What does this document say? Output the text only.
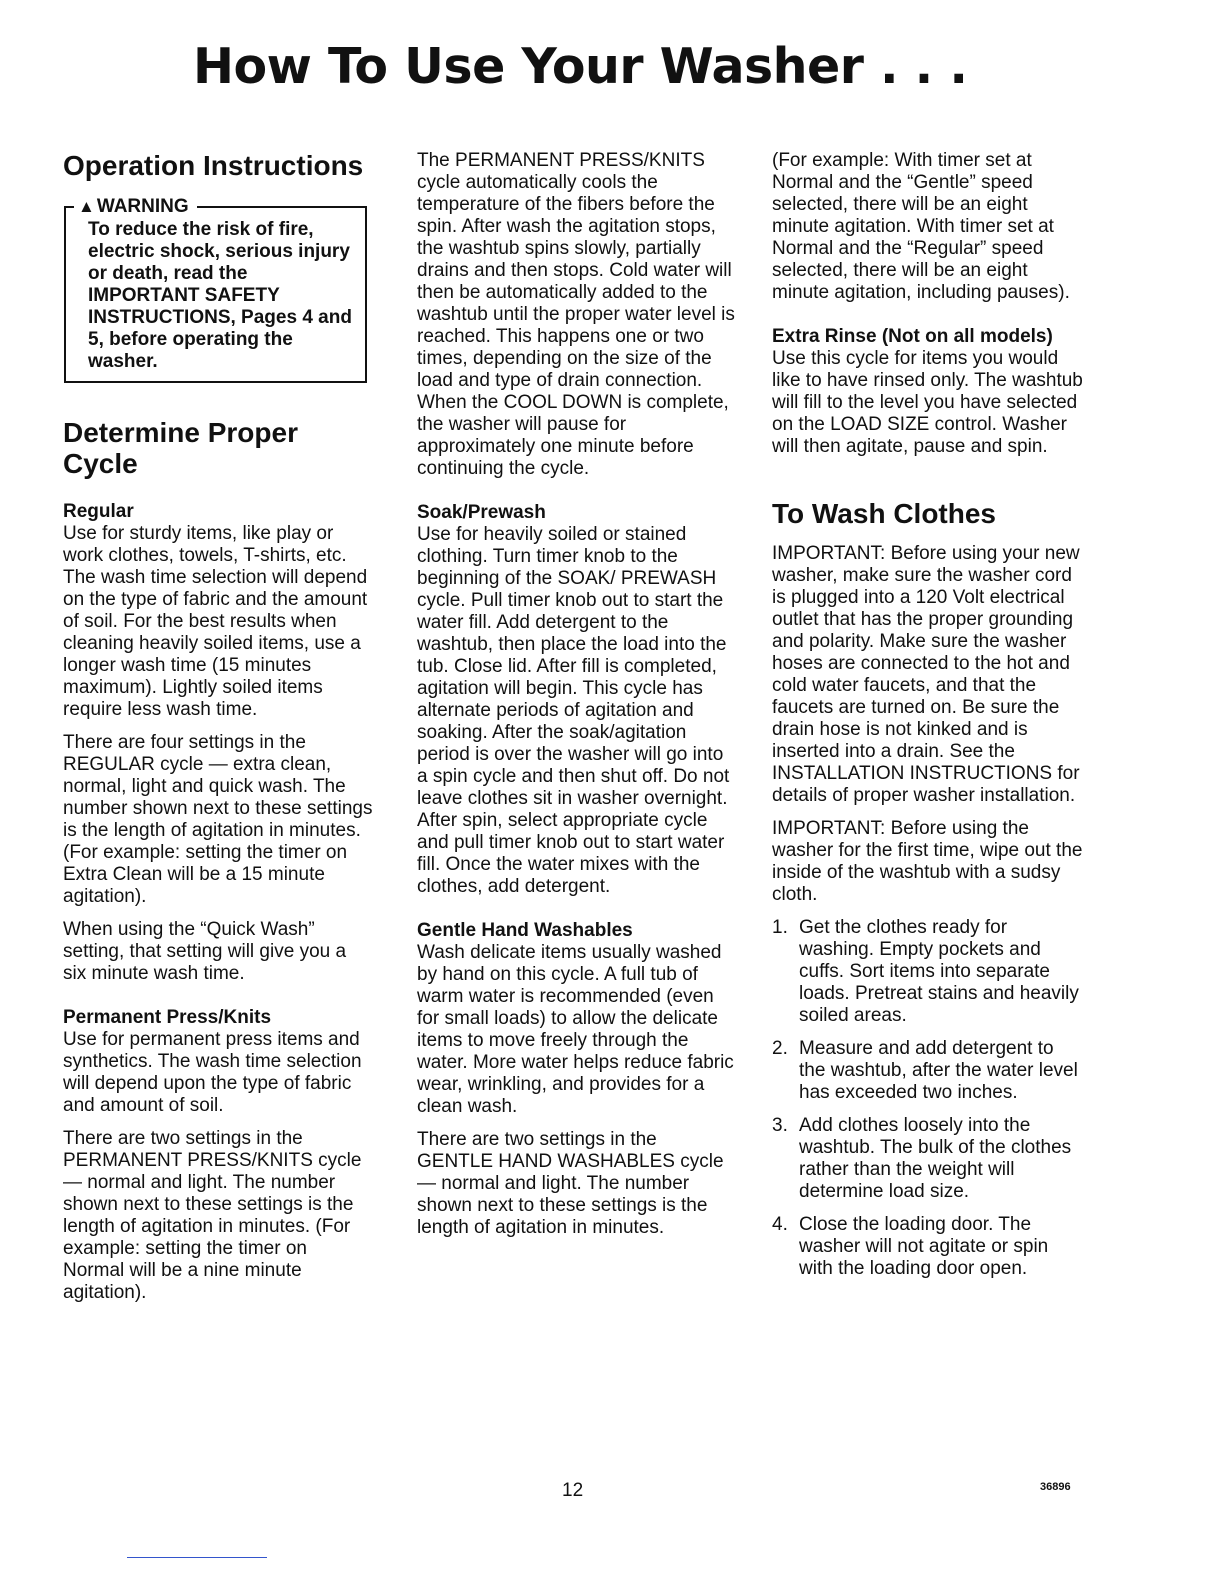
How To Use Your Washer . . .
Operation Instructions
▲ WARNING
To reduce the risk of fire, electric shock, serious injury or death, read the IMPORTANT SAFETY INSTRUCTIONS, Pages 4 and 5, before operating the washer.
Determine Proper Cycle
Regular

Use for sturdy items, like play or work clothes, towels, T-shirts, etc. The wash time selection will depend on the type of fabric and the amount of soil. For the best results when cleaning heavily soiled items, use a longer wash time (15 minutes maximum). Lightly soiled items require less wash time.

There are four settings in the REGULAR cycle — extra clean, normal, light and quick wash. The number shown next to these settings is the length of agitation in minutes. (For example: setting the timer on Extra Clean will be a 15 minute agitation).

When using the “Quick Wash” setting, that setting will give you a six minute wash time.

Permanent Press/Knits

Use for permanent press items and synthetics. The wash time selection will depend upon the type of fabric and amount of soil.

There are two settings in the PERMANENT PRESS/KNITS cycle — normal and light. The number shown next to these settings is the length of agitation in minutes. (For example: setting the timer on Normal will be a nine minute agitation).

The PERMANENT PRESS/KNITS cycle automatically cools the temperature of the fibers before the spin. After wash the agitation stops, the washtub spins slowly, partially drains and then stops. Cold water will then be automatically added to the washtub until the proper water level is reached. This happens one or two times, depending on the size of the load and type of drain connection. When the COOL DOWN is complete, the washer will pause for approximately one minute before continuing the cycle.

Soak/Prewash

Use for heavily soiled or stained clothing. Turn timer knob to the beginning of the SOAK/ PREWASH cycle. Pull timer knob out to start the water fill. Add detergent to the washtub, then place the load into the tub. Close lid. After fill is completed, agitation will begin. This cycle has alternate periods of agitation and soaking. After the soak/agitation period is over the washer will go into a spin cycle and then shut off. Do not leave clothes sit in washer overnight. After spin, select appropriate cycle and pull timer knob out to start water fill. Once the water mixes with the clothes, add detergent.

Gentle Hand Washables

Wash delicate items usually washed by hand on this cycle. A full tub of warm water is recommended (even for small loads) to allow the delicate items to move freely through the water. More water helps reduce fabric wear, wrinkling, and provides for a clean wash.

There are two settings in the GENTLE HAND WASHABLES cycle — normal and light. The number shown next to these settings is the length of agitation in minutes.

(For example: With timer set at Normal and the “Gentle” speed selected, there will be an eight minute agitation. With timer set at Normal and the “Regular” speed selected, there will be an eight minute agitation, including pauses).

Extra Rinse (Not on all models)

Use this cycle for items you would like to have rinsed only. The washtub will fill to the level you have selected on the LOAD SIZE control. Washer will then agitate, pause and spin.

To Wash Clothes

IMPORTANT: Before using your new washer, make sure the washer cord is plugged into a 120 Volt electrical outlet that has the proper grounding and polarity. Make sure the washer hoses are connected to the hot and cold water faucets, and that the faucets are turned on. Be sure the drain hose is not kinked and is inserted into a drain. See the INSTALLATION INSTRUCTIONS for details of proper washer installation.

IMPORTANT: Before using the washer for the first time, wipe out the inside of the washtub with a sudsy cloth.

1. Get the clothes ready for washing. Empty pockets and cuffs. Sort items into separate loads. Pretreat stains and heavily soiled areas.
2. Measure and add detergent to the washtub, after the water level has exceeded two inches.
3. Add clothes loosely into the washtub. The bulk of the clothes rather than the weight will determine load size.
4. Close the loading door. The washer will not agitate or spin with the loading door open.
12	36896
